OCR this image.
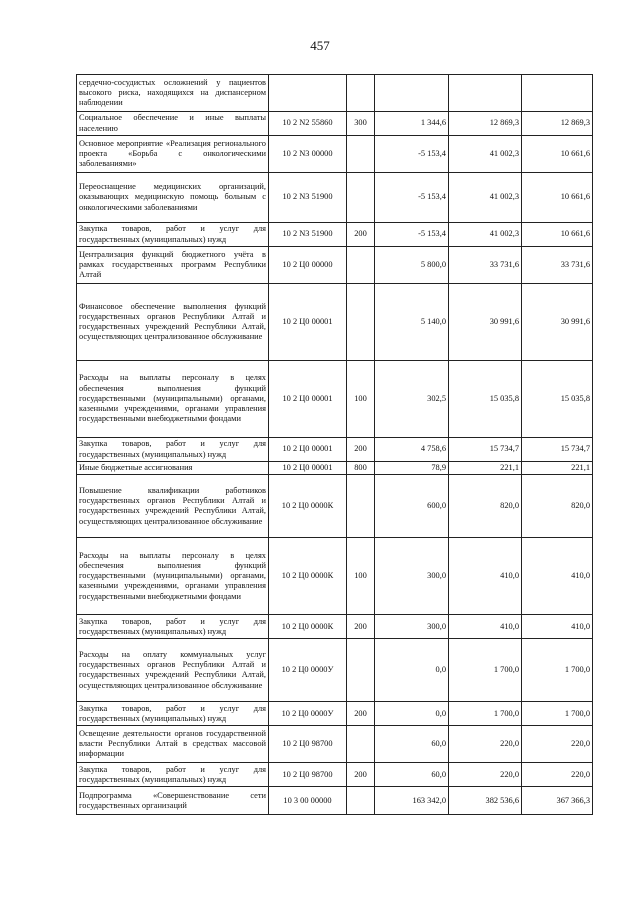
457
сердечно-сосудистых осложнений у пациентов высокого риска, находящихся на диспансерном наблюдении					
Социальное обеспечение и иные выплаты населению	10 2 N2 55860	300	1 344,6	12 869,3	12 869,3
Основное мероприятие «Реализация регионального проекта «Борьба с онкологическими заболеваниями»	10 2 N3 00000		-5 153,4	41 002,3	10 661,6
Переоснащение медицинских организаций, оказывающих медицинскую помощь больным с онкологическими заболеваниями	10 2 N3 51900		-5 153,4	41 002,3	10 661,6
Закупка товаров, работ и услуг для государственных (муниципальных) нужд	10 2 N3 51900	200	-5 153,4	41 002,3	10 661,6
Централизация функций бюджетного учёта в рамках государственных программ Республики Алтай	10 2 Ц0 00000		5 800,0	33 731,6	33 731,6
Финансовое обеспечение выполнения функций государственных органов Республики Алтай и государственных учреждений Республики Алтай, осуществляющих централизованное обслуживание	10 2 Ц0 00001		5 140,0	30 991,6	30 991,6
Расходы на выплаты персоналу в целях обеспечения выполнения функций государственными (муниципальными) органами, казенными учреждениями, органами управления государственными внебюджетными фондами	10 2 Ц0 00001	100	302,5	15 035,8	15 035,8
Закупка товаров, работ и услуг для государственных (муниципальных) нужд	10 2 Ц0 00001	200	4 758,6	15 734,7	15 734,7
Иные бюджетные ассигнования	10 2 Ц0 00001	800	78,9	221,1	221,1
Повышение квалификации работников государственных органов Республики Алтай и государственных учреждений Республики Алтай, осуществляющих централизованное обслуживание	10 2 Ц0 0000К		600,0	820,0	820,0
Расходы на выплаты персоналу в целях обеспечения выполнения функций государственными (муниципальными) органами, казенными учреждениями, органами управления государственными внебюджетными фондами	10 2 Ц0 0000К	100	300,0	410,0	410,0
Закупка товаров, работ и услуг для государственных (муниципальных) нужд	10 2 Ц0 0000К	200	300,0	410,0	410,0
Расходы на оплату коммунальных услуг государственных органов Республики Алтай и государственных учреждений Республики Алтай, осуществляющих централизованное обслуживание	10 2 Ц0 0000У		0,0	1 700,0	1 700,0
Закупка товаров, работ и услуг для государственных (муниципальных) нужд	10 2 Ц0 0000У	200	0,0	1 700,0	1 700,0
Освещение деятельности органов государственной власти Республики Алтай в средствах массовой информации	10 2 Ц0 98700		60,0	220,0	220,0
Закупка товаров, работ и услуг для государственных (муниципальных) нужд	10 2 Ц0 98700	200	60,0	220,0	220,0
Подпрограмма «Совершенствование сети государственных организаций	10 3 00 00000		163 342,0	382 536,6	367 366,3
